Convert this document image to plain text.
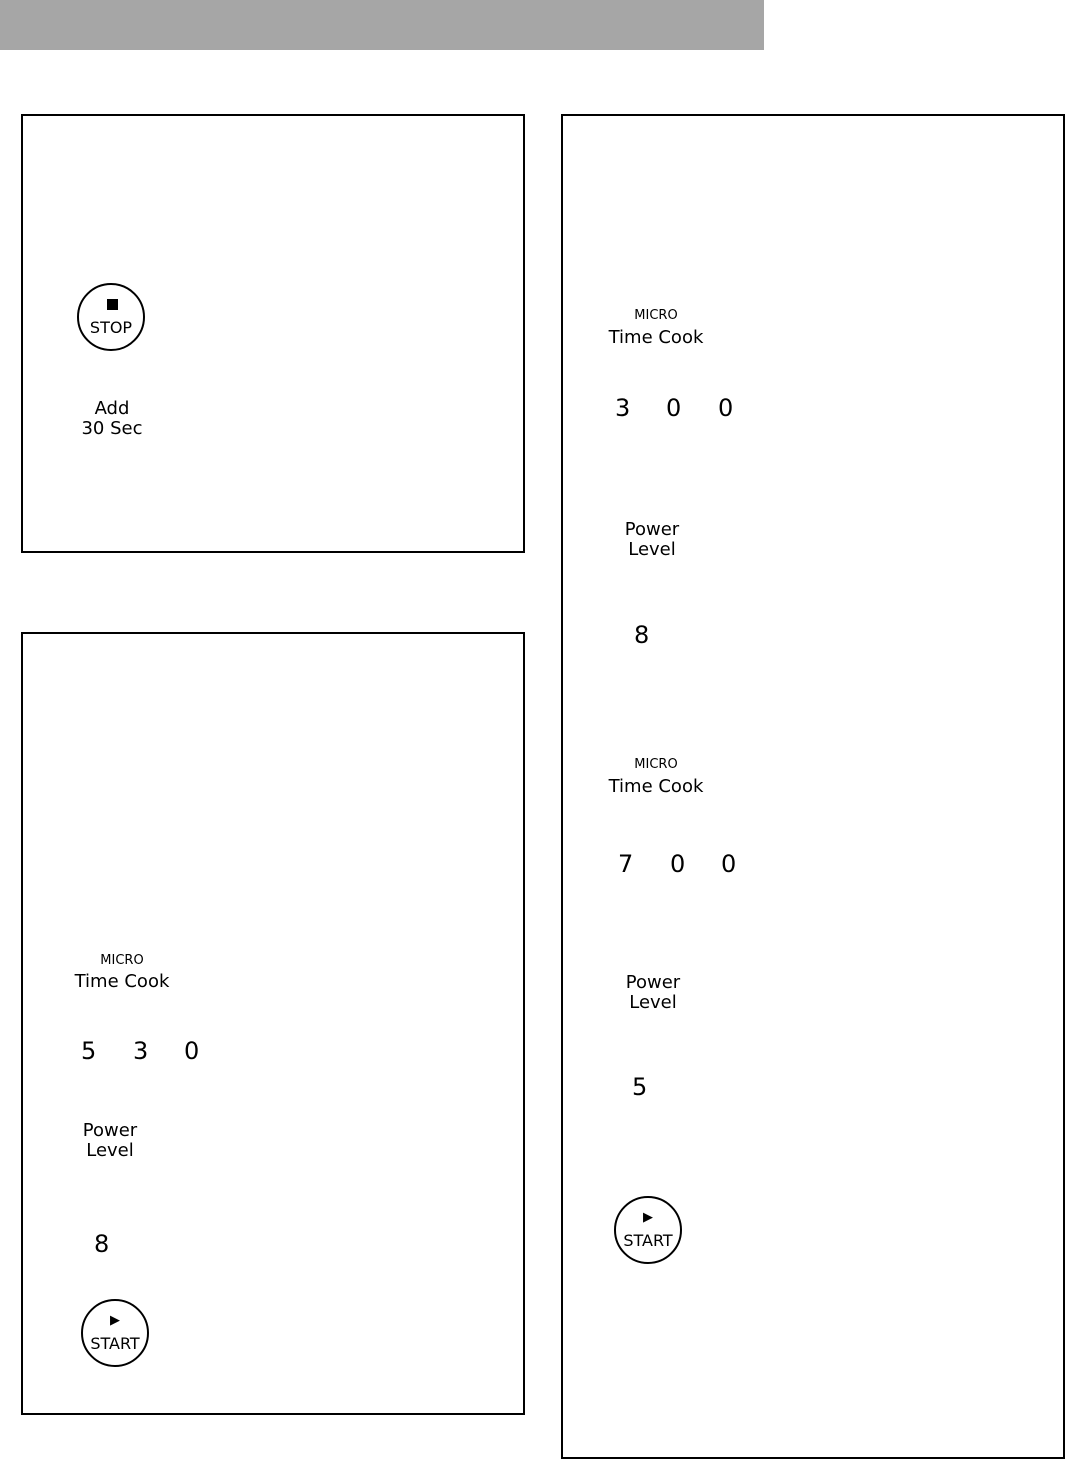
STOP
Add
30 Sec
MICRO
Time Cook
5 3 0
Power
Level
8
▶
START
MICRO
Time Cook
3 0 0
Power
Level
8
MICRO
Time Cook
7 0 0
Power
Level
5
▶
START
